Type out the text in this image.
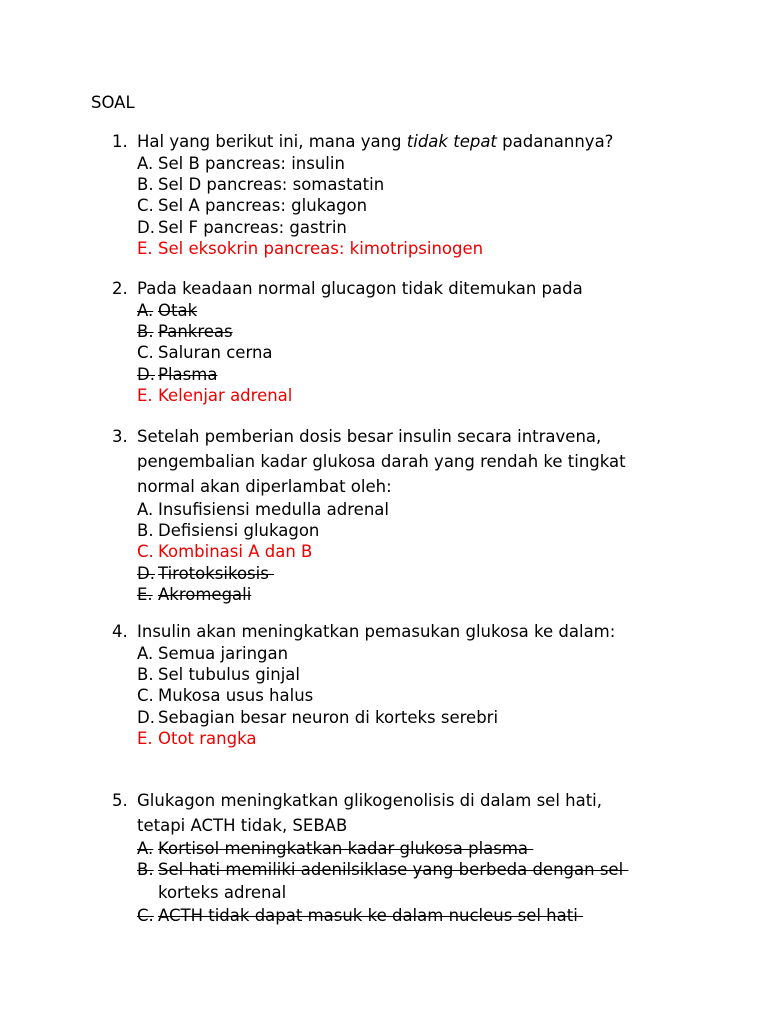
SOAL
1. Hal yang berikut ini, mana yang tidak tepat padanannya?
A. Sel B pancreas: insulin
B. Sel D pancreas: somastatin
C. Sel A pancreas: glukagon
D. Sel F pancreas: gastrin
E. Sel eksokrin pancreas: kimotripsinogen
2. Pada keadaan normal glucagon tidak ditemukan pada
A. Otak
B. Pankreas
C. Saluran cerna
D. Plasma
E. Kelenjar adrenal
3. Setelah pemberian dosis besar insulin secara intravena,
pengembalian kadar glukosa darah yang rendah ke tingkat
normal akan diperlambat oleh:
A. Insufisiensi medulla adrenal
B. Defisiensi glukagon
C. Kombinasi A dan B
D. Tirotoksikosis
E. Akromegali
4. Insulin akan meningkatkan pemasukan glukosa ke dalam:
A. Semua jaringan
B. Sel tubulus ginjal
C. Mukosa usus halus
D. Sebagian besar neuron di korteks serebri
E. Otot rangka
5. Glukagon meningkatkan glikogenolisis di dalam sel hati,
tetapi ACTH tidak, SEBAB
A. Kortisol meningkatkan kadar glukosa plasma
B. Sel hati memiliki adenilsiklase yang berbeda dengan sel
korteks adrenal
C. ACTH tidak dapat masuk ke dalam nucleus sel hati
